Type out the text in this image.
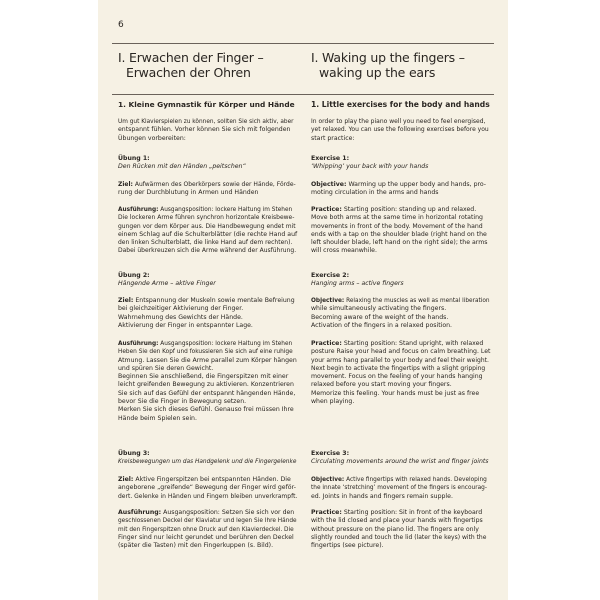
6
I. Erwachen der Finger –
Erwachen der Ohren
1. Kleine Gymnastik für Körper und Hände
Um gut Klavierspielen zu können, sollten Sie sich aktiv, aber
entspannt fühlen. Vorher können Sie sich mit folgenden
Übungen vorbereiten:
Übung 1:
Den Rücken mit den Händen „peitschen“
Ziel: Aufwärmen des Oberkörpers sowie der Hände, Förde-
rung der Durchblutung in Armen und Händen
Ausführung: Ausgangsposition: lockere Haltung im Stehen
Die lockeren Arme führen synchron horizontale Kreisbewe-
gungen vor dem Körper aus. Die Handbewegung endet mit
einem Schlag auf die Schulterblätter (die rechte Hand auf
den linken Schulterblatt, die linke Hand auf dem rechten).
Dabei überkreuzen sich die Arme während der Ausführung.
Übung 2:
Hängende Arme – aktive Finger
Ziel: Entspannung der Muskeln sowie mentale Befreiung
bei gleichzeitiger Aktivierung der Finger.
Wahrnehmung des Gewichts der Hände.
Aktivierung der Finger in entspannter Lage.
Ausführung: Ausgangsposition: lockere Haltung im Stehen
Heben Sie den Kopf und fokussieren Sie sich auf eine ruhige
Atmung. Lassen Sie die Arme parallel zum Körper hängen
und spüren Sie deren Gewicht.
Beginnen Sie anschließend, die Fingerspitzen mit einer
leicht greifenden Bewegung zu aktivieren. Konzentrieren
Sie sich auf das Gefühl der entspannt hängenden Hände,
bevor Sie die Finger in Bewegung setzen.
Merken Sie sich dieses Gefühl. Genauso frei müssen Ihre
Hände beim Spielen sein.
Übung 3:
Kreisbewegungen um das Handgelenk und die Fingergelenke
Ziel: Aktive Fingerspitzen bei entspannten Händen. Die
angeborene „greifende“ Bewegung der Finger wird geför-
dert. Gelenke in Händen und Fingern bleiben unverkrampft.
Ausführung: Ausgangsposition: Setzen Sie sich vor den
geschlossenen Deckel der Klaviatur und legen Sie Ihre Hände
mit den Fingerspitzen ohne Druck auf den Klavierdeckel. Die
Finger sind nur leicht gerundet und berühren den Deckel
(später die Tasten) mit den Fingerkuppen (s. Bild).
I. Waking up the fingers –
waking up the ears
1. Little exercises for the body and hands
In order to play the piano well you need to feel energised,
yet relaxed. You can use the following exercises before you
start practice:
Exercise 1:
‘Whipping’ your back with your hands
Objective: Warming up the upper body and hands, pro-
moting circulation in the arms and hands
Practice: Starting position: standing up and relaxed.
Move both arms at the same time in horizontal rotating
movements in front of the body. Movement of the hand
ends with a tap on the shoulder blade (right hand on the
left shoulder blade, left hand on the right side); the arms
will cross meanwhile.
Exercise 2:
Hanging arms – active fingers
Objective: Relaxing the muscles as well as mental liberation
while simultaneously activating the fingers.
Becoming aware of the weight of the hands.
Activation of the fingers in a relaxed position.
Practice: Starting position: Stand upright, with relaxed
posture Raise your head and focus on calm breathing. Let
your arms hang parallel to your body and feel their weight.
Next begin to activate the fingertips with a slight gripping
movement. Focus on the feeling of your hands hanging
relaxed before you start moving your fingers.
Memorize this feeling. Your hands must be just as free
when playing.
Exercise 3:
Circulating movements around the wrist and finger joints
Objective: Active fingertips with relaxed hands. Developing
the innate ‘stretching’ movement of the fingers is encourag-
ed. Joints in hands and fingers remain supple.
Practice: Starting position: Sit in front of the keyboard
with the lid closed and place your hands with fingertips
without pressure on the piano lid. The fingers are only
slightly rounded and touch the lid (later the keys) with the
fingertips (see picture).
